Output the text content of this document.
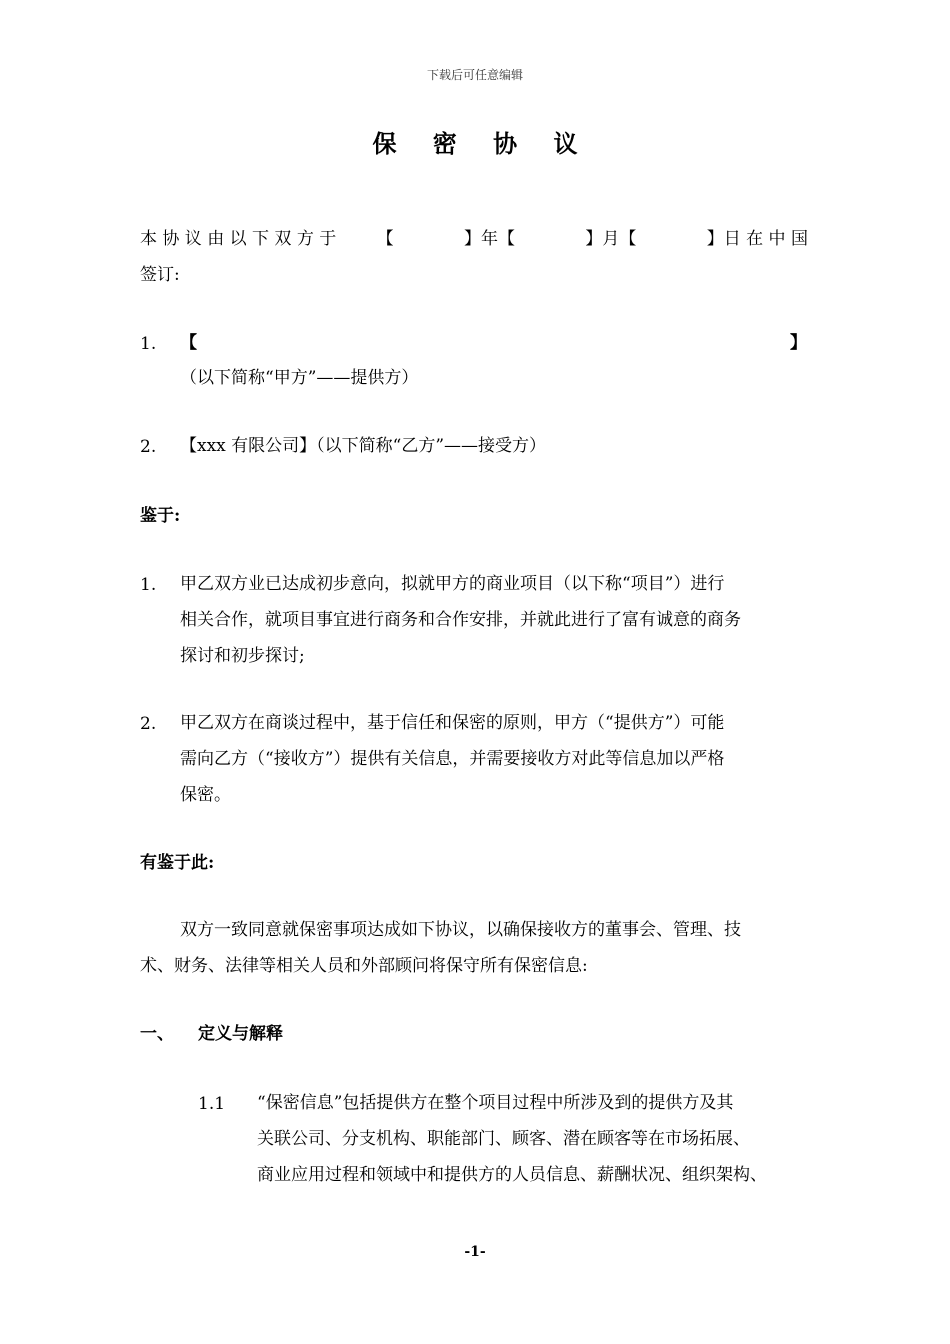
下载后可任意编辑
保 密 协 议
本 协 议 由 以 下 双 方 于 【	】年【	】月【	】日 在 中 国
签订:
1. 【	】
（以下简称“甲方”——提供方）
2. 【xxx 有限公司】（以下简称“乙方”——接受方）
鉴于:
1. 甲乙双方业已达成初步意向，拟就甲方的商业项目（以下称“项目”）进行
相关合作，就项目事宜进行商务和合作安排，并就此进行了富有诚意的商务
探讨和初步探讨;
2. 甲乙双方在商谈过程中，基于信任和保密的原则，甲方（“提供方”）可能
需向乙方（“接收方”）提供有关信息，并需要接收方对此等信息加以严格
保密。
有鉴于此:
双方一致同意就保密事项达成如下协议，以确保接收方的董事会、管理、技
术、财务、法律等相关人员和外部顾问将保守所有保密信息:
一、 定义与解释
1.1 “保密信息”包括提供方在整个项目过程中所涉及到的提供方及其
关联公司、分支机构、职能部门、顾客、潜在顾客等在市场拓展、
商业应用过程和领域中和提供方的人员信息、薪酬状况、组织架构、
-1-
